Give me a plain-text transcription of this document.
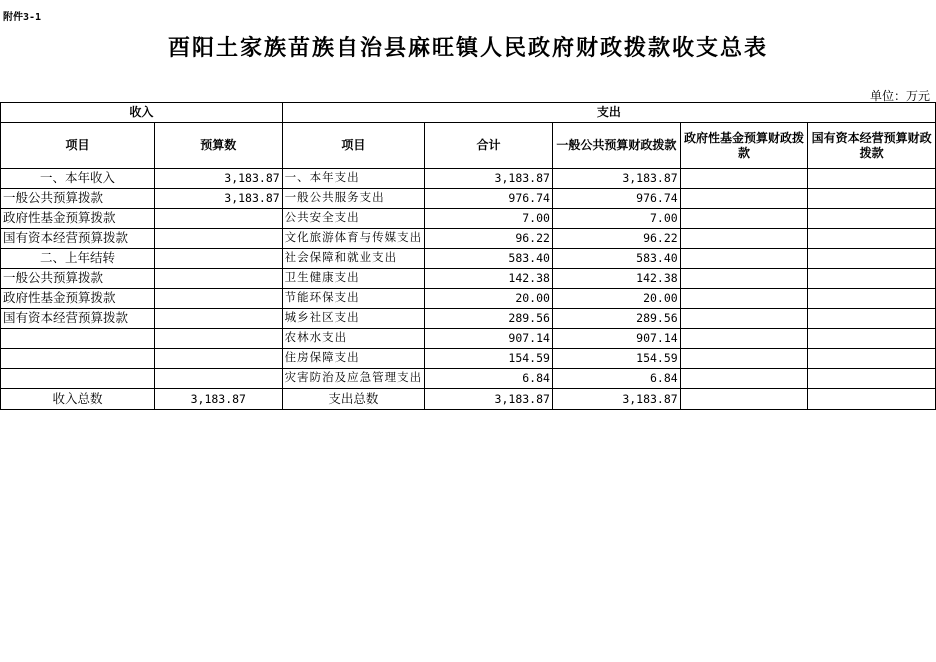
附件3-1
酉阳土家族苗族自治县麻旺镇人民政府财政拨款收支总表
单位：万元
收入		支出				
项目	预算数	项目	合计	一般公共预算财政拨款	政府性基金预算财政拨款	国有资本经营预算财政拨款
一、本年收入	3,183.87	一、本年支出	3,183.87	3,183.87		
一般公共预算拨款	3,183.87	一般公共服务支出	976.74	976.74		
政府性基金预算拨款		公共安全支出	7.00	7.00		
国有资本经营预算拨款		文化旅游体育与传媒支出	96.22	96.22		
二、上年结转		社会保障和就业支出	583.40	583.40		
一般公共预算拨款		卫生健康支出	142.38	142.38		
政府性基金预算拨款		节能环保支出	20.00	20.00		
国有资本经营预算拨款		城乡社区支出	289.56	289.56		
		农林水支出	907.14	907.14		
		住房保障支出	154.59	154.59		
		灾害防治及应急管理支出	6.84	6.84		
收入总数	3,183.87	支出总数	3,183.87	3,183.87		
